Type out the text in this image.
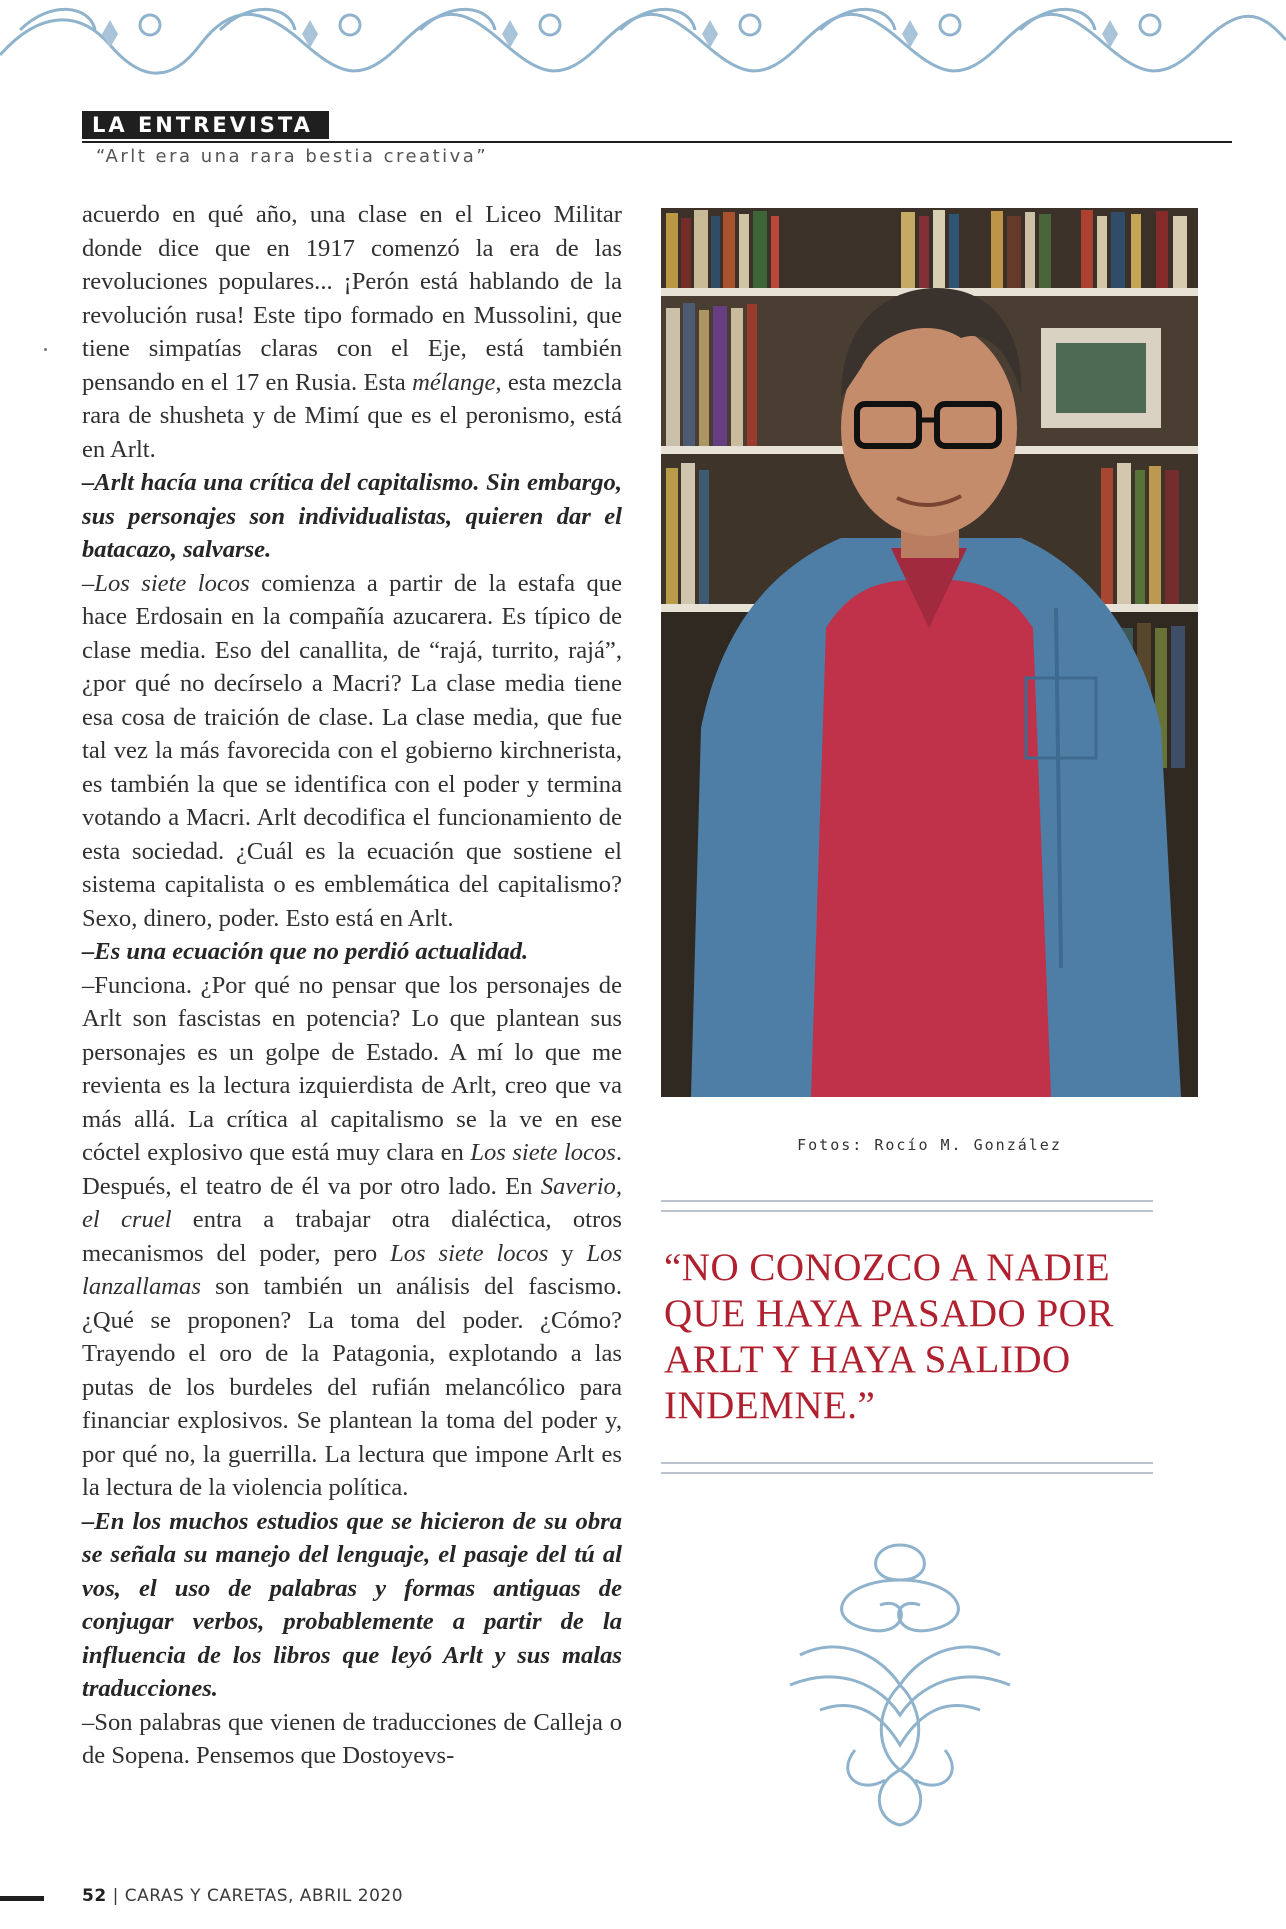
LA ENTREVISTA
“Arlt era una rara bestia creativa”

acuerdo en qué año, una clase en el Liceo Militar donde dice que en 1917 comenzó la era de las revoluciones populares... ¡Perón está hablando de la revolución rusa! Este tipo formado en Mussolini, que tiene simpatías claras con el Eje, está también pensando en el 17 en Rusia. Esta mélange, esta mezcla rara de shusheta y de Mimí que es el peronismo, está en Arlt.

–Arlt hacía una crítica del capitalismo. Sin embargo, sus personajes son individualistas, quieren dar el batacazo, salvarse.

–Los siete locos comienza a partir de la estafa que hace Erdosain en la compañía azucarera. Es típico de clase media. Eso del canallita, de “rajá, turrito, rajá”, ¿por qué no decírselo a Macri? La clase media tiene esa cosa de traición de clase. La clase media, que fue tal vez la más favorecida con el gobierno kirchnerista, es también la que se identifica con el poder y termina votando a Macri. Arlt decodifica el funcionamiento de esta sociedad. ¿Cuál es la ecuación que sostiene el sistema capitalista o es emblemática del capitalismo? Sexo, dinero, poder. Esto está en Arlt.

–Es una ecuación que no perdió actualidad.

–Funciona. ¿Por qué no pensar que los personajes de Arlt son fascistas en potencia? Lo que plantean sus personajes es un golpe de Estado. A mí lo que me revienta es la lectura izquierdista de Arlt, creo que va más allá. La crítica al capitalismo se la ve en ese cóctel explosivo que está muy clara en Los siete locos. Después, el teatro de él va por otro lado. En Saverio, el cruel entra a trabajar otra dialéctica, otros mecanismos del poder, pero Los siete locos y Los lanzallamas son también un análisis del fascismo. ¿Qué se proponen? La toma del poder. ¿Cómo? Trayendo el oro de la Patagonia, explotando a las putas de los burdeles del rufián melancólico para financiar explosivos. Se plantean la toma del poder y, por qué no, la guerrilla. La lectura que impone Arlt es la lectura de la violencia política.

–En los muchos estudios que se hicieron de su obra se señala su manejo del lenguaje, el pasaje del tú al vos, el uso de palabras y formas antiguas de conjugar verbos, probablemente a partir de la influencia de los libros que leyó Arlt y sus malas traducciones.

–Son palabras que vienen de traducciones de Calleja o de Sopena. Pensemos que Dostoyevs-

Fotos: Rocío M. González
“NO CONOZCO A NADIE
QUE HAYA PASADO POR
ARLT Y HAYA SALIDO
INDEMNE.”
52 | CARAS Y CARETAS, ABRIL 2020
